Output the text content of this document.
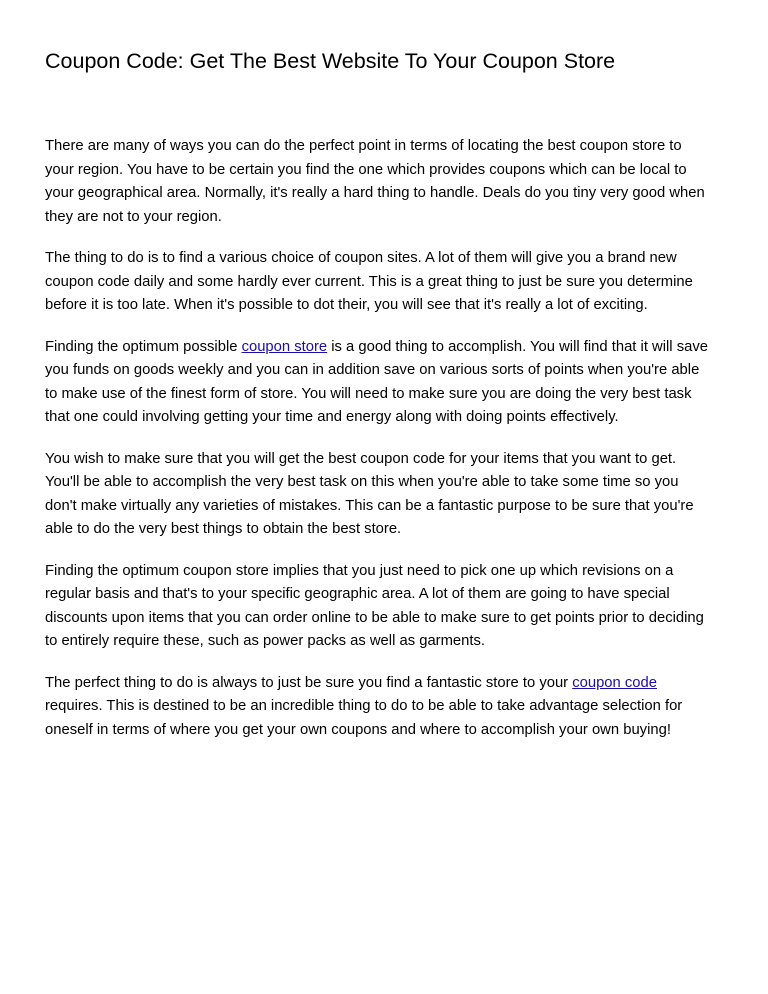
Coupon Code: Get The Best Website To Your Coupon Store

There are many of ways you can do the perfect point in terms of locating the best coupon store to
your region. You have to be certain you find the one which provides coupons which can be local to
your geographical area. Normally, it's really a hard thing to handle. Deals do you tiny very good when
they are not to your region.

The thing to do is to find a various choice of coupon sites. A lot of them will give you a brand new
coupon code daily and some hardly ever current. This is a great thing to just be sure you determine
before it is too late. When it's possible to dot their, you will see that it's really a lot of exciting.

Finding the optimum possible coupon store is a good thing to accomplish. You will find that it will save
you funds on goods weekly and you can in addition save on various sorts of points when you're able
to make use of the finest form of store. You will need to make sure you are doing the very best task
that one could involving getting your time and energy along with doing points effectively.

You wish to make sure that you will get the best coupon code for your items that you want to get.
You'll be able to accomplish the very best task on this when you're able to take some time so you
don't make virtually any varieties of mistakes. This can be a fantastic purpose to be sure that you're
able to do the very best things to obtain the best store.

Finding the optimum coupon store implies that you just need to pick one up which revisions on a
regular basis and that's to your specific geographic area. A lot of them are going to have special
discounts upon items that you can order online to be able to make sure to get points prior to deciding
to entirely require these, such as power packs as well as garments.

The perfect thing to do is always to just be sure you find a fantastic store to your coupon code
requires. This is destined to be an incredible thing to do to be able to take advantage selection for
oneself in terms of where you get your own coupons and where to accomplish your own buying!
